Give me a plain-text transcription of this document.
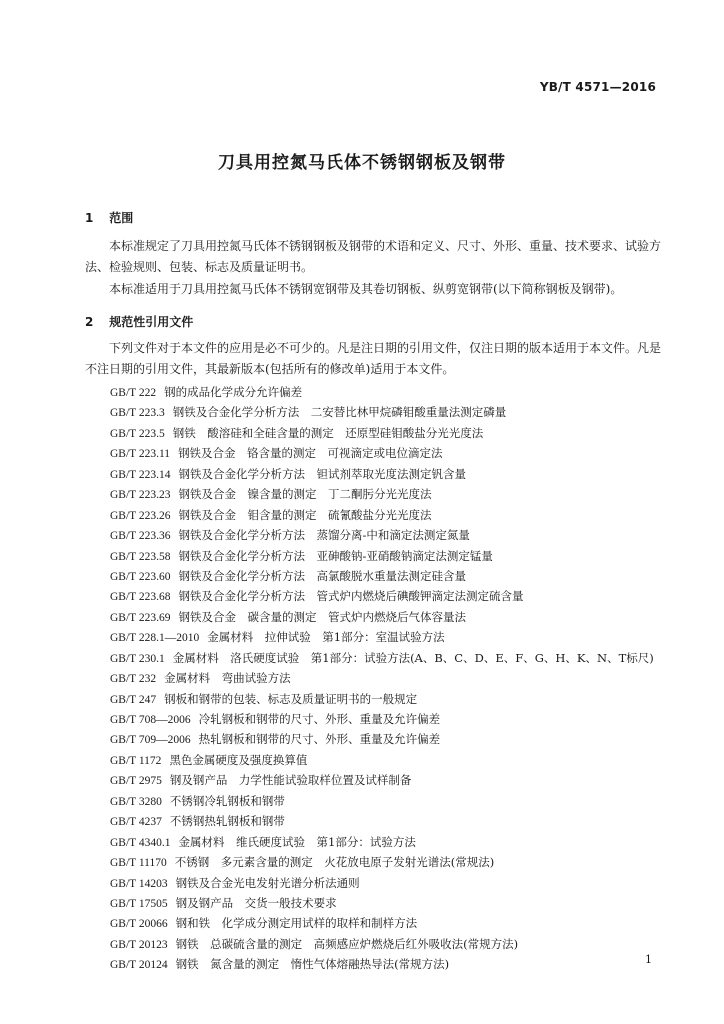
YB/T 4571—2016
刀具用控氮马氏体不锈钢钢板及钢带
1 范围

本标准规定了刀具用控氮马氏体不锈钢钢板及钢带的术语和定义、尺寸、外形、重量、技术要求、试验方法、检验规则、包装、标志及质量证明书。

本标准适用于刀具用控氮马氏体不锈钢宽钢带及其卷切钢板、纵剪宽钢带(以下简称钢板及钢带)。

2 规范性引用文件

下列文件对于本文件的应用是必不可少的。凡是注日期的引用文件，仅注日期的版本适用于本文件。凡是不注日期的引用文件，其最新版本(包括所有的修改单)适用于本文件。

GB/T 222 钢的成品化学成分允许偏差
GB/T 223.3 钢铁及合金化学分析方法　二安替比林甲烷磷钼酸重量法测定磷量
GB/T 223.5 钢铁　酸溶硅和全硅含量的测定　还原型硅钼酸盐分光光度法
GB/T 223.11 钢铁及合金　铬含量的测定　可视滴定或电位滴定法
GB/T 223.14 钢铁及合金化学分析方法　钽试剂萃取光度法测定钒含量
GB/T 223.23 钢铁及合金　镍含量的测定　丁二酮肟分光光度法
GB/T 223.26 钢铁及合金　钼含量的测定　硫氰酸盐分光光度法
GB/T 223.36 钢铁及合金化学分析方法　蒸馏分离-中和滴定法测定氮量
GB/T 223.58 钢铁及合金化学分析方法　亚砷酸钠-亚硝酸钠滴定法测定锰量
GB/T 223.60 钢铁及合金化学分析方法　高氯酸脱水重量法测定硅含量
GB/T 223.68 钢铁及合金化学分析方法　管式炉内燃烧后碘酸钾滴定法测定硫含量
GB/T 223.69 钢铁及合金　碳含量的测定　管式炉内燃烧后气体容量法
GB/T 228.1—2010 金属材料　拉伸试验　第1部分：室温试验方法
GB/T 230.1 金属材料　洛氏硬度试验　第1部分：试验方法(A、B、C、D、E、F、G、H、K、N、T标尺)
GB/T 232 金属材料　弯曲试验方法
GB/T 247 钢板和钢带的包装、标志及质量证明书的一般规定
GB/T 708—2006 冷轧钢板和钢带的尺寸、外形、重量及允许偏差
GB/T 709—2006 热轧钢板和钢带的尺寸、外形、重量及允许偏差
GB/T 1172 黑色金属硬度及强度换算值
GB/T 2975 钢及钢产品　力学性能试验取样位置及试样制备
GB/T 3280 不锈钢冷轧钢板和钢带
GB/T 4237 不锈钢热轧钢板和钢带
GB/T 4340.1 金属材料　维氏硬度试验　第1部分：试验方法
GB/T 11170 不锈钢　多元素含量的测定　火花放电原子发射光谱法(常规法)
GB/T 14203 钢铁及合金光电发射光谱分析法通则
GB/T 17505 钢及钢产品　交货一般技术要求
GB/T 20066 钢和铁　化学成分测定用试样的取样和制样方法
GB/T 20123 钢铁　总碳硫含量的测定　高频感应炉燃烧后红外吸收法(常规方法)
GB/T 20124 钢铁　氮含量的测定　惰性气体熔融热导法(常规方法)	1
